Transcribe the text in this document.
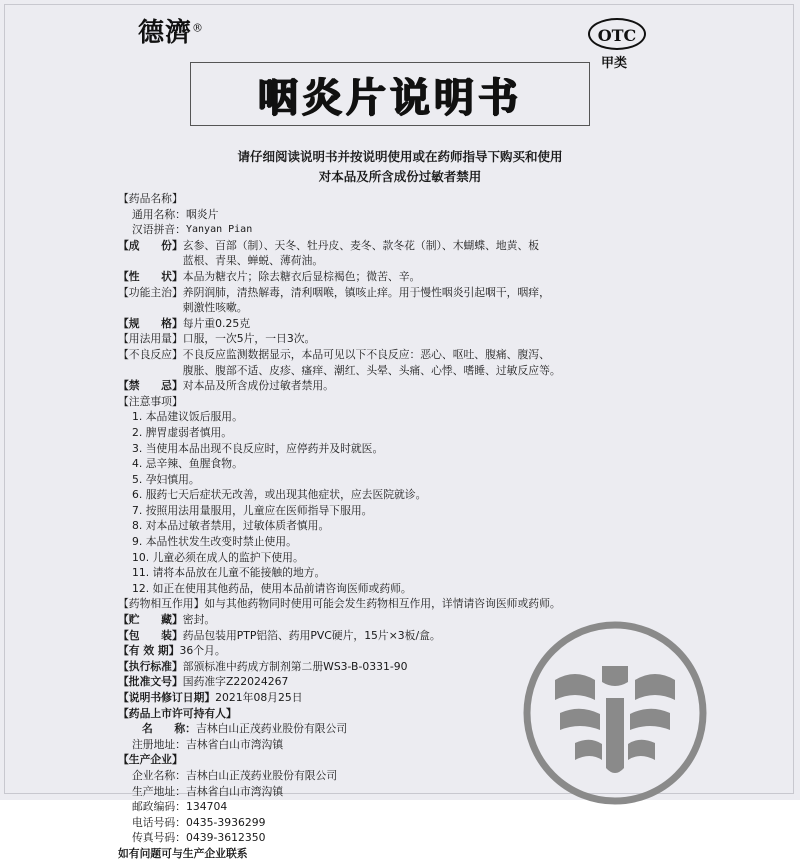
德濟®	OTC
甲类
咽炎片说明书
请仔细阅读说明书并按说明使用或在药师指导下购买和使用
对本品及所含成份过敏者禁用
【药品名称】
通用名称： 咽炎片
汉语拼音： Yanyan Pian
【成　　份】 玄参、百部（制）、天冬、牡丹皮、麦冬、款冬花（制）、木蝴蝶、地黄、板
蓝根、青果、蝉蜕、薄荷油。
【性　　状】 本品为糖衣片；除去糖衣后显棕褐色；微苦、辛。
【功能主治】 养阴润肺，清热解毒，清利咽喉，镇咳止痒。用于慢性咽炎引起咽干，咽痒，
刺激性咳嗽。
【规　　格】 每片重0.25克
【用法用量】 口服，一次5片，一日3次。
【不良反应】 不良反应监测数据显示，本品可见以下不良反应：恶心、呕吐、腹痛、腹泻、
腹胀、腹部不适、皮疹、瘙痒、潮红、头晕、头痛、心悸、嗜睡、过敏反应等。
【禁　　忌】 对本品及所含成份过敏者禁用。
【注意事项】
1. 本品建议饭后服用。
2. 脾胃虚弱者慎用。
3. 当使用本品出现不良反应时，应停药并及时就医。
4. 忌辛辣、鱼腥食物。
5. 孕妇慎用。
6. 服药七天后症状无改善，或出现其他症状，应去医院就诊。
7. 按照用法用量服用，儿童应在医师指导下服用。
8. 对本品过敏者禁用，过敏体质者慎用。
9. 本品性状发生改变时禁止使用。
10. 儿童必须在成人的监护下使用。
11. 请将本品放在儿童不能接触的地方。
12. 如正在使用其他药品，使用本品前请咨询医师或药师。
【药物相互作用】 如与其他药物同时使用可能会发生药物相互作用，详情请咨询医师或药师。
【贮　　藏】 密封。
【包　　装】 药品包装用PTP铝箔、药用PVC硬片，15片×3板/盒。
【有 效 期】 36个月。
【执行标准】 部颁标准中药成方制剂第二册WS3-B-0331-90
【批准文号】 国药准字Z22024267
【说明书修订日期】 2021年08月25日
【药品上市许可持有人】
名　　称： 吉林白山正茂药业股份有限公司
注册地址： 吉林省白山市湾沟镇
【生产企业】
企业名称： 吉林白山正茂药业股份有限公司
生产地址： 吉林省白山市湾沟镇
邮政编码： 134704
电话号码： 0435-3936299
传真号码： 0439-3612350
如有问题可与生产企业联系
